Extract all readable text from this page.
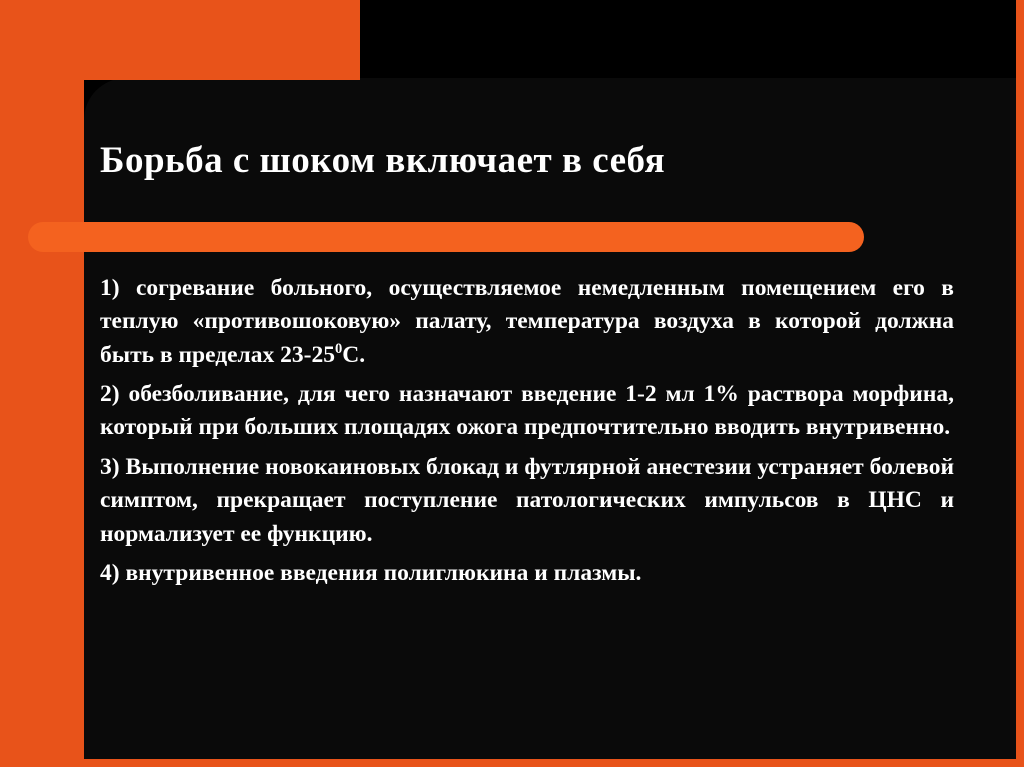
Борьба с шоком включает в себя

1) согревание больного, осуществляемое немедленным помещением его в теплую «противошоковую» палату, температура воздуха в которой должна быть в пределах $23-25^0С$.

2) обезболивание, для чего назначают введение 1-2 мл 1% раствора морфина, который при больших площадях ожога предпочтительно вводить внутривенно.

3) Выполнение новокаиновых блокад и футлярной анестезии устраняет болевой симптом, прекращает поступление патологических импульсов в ЦНС и нормализует ее функцию.

4) внутривенное введения полиглюкина и плазмы.
